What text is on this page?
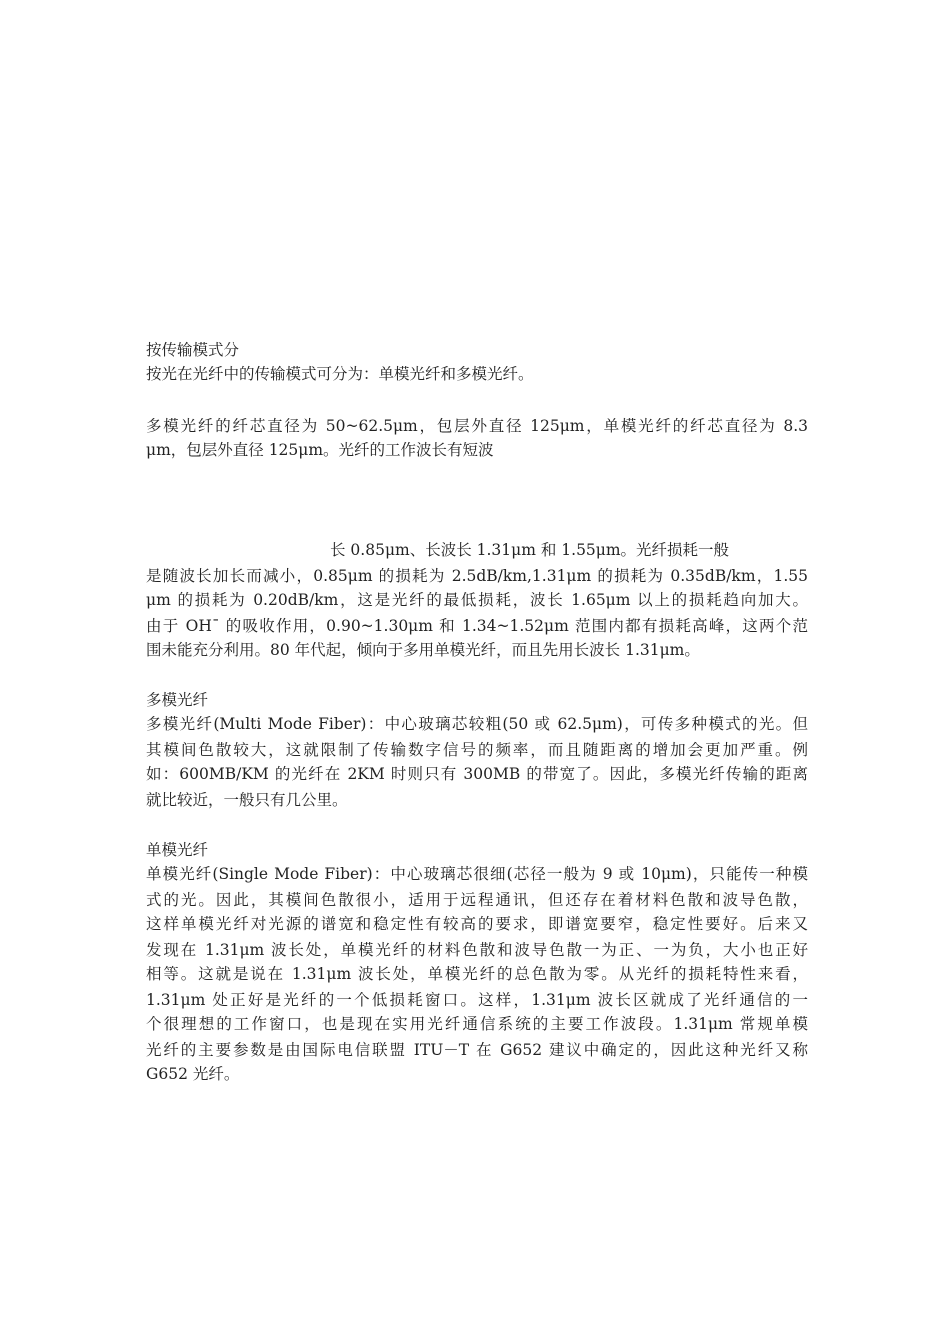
按传输模式分
按光在光纤中的传输模式可分为：单模光纤和多模光纤。
多模光纤的纤芯直径为 50~62.5μm，包层外直径 125μm，单模光纤的纤芯直径为 8.3
μm，包层外直径 125μm。光纤的工作波长有短波
长 0.85μm、长波长 1.31μm 和 1.55μm。光纤损耗一般
是随波长加长而减小，0.85μm 的损耗为 2.5dB/km,1.31μm 的损耗为 0.35dB/km，1.55
μm 的损耗为 0.20dB/km，这是光纤的最低损耗，波长 1.65μm 以上的损耗趋向加大。
由于 OH¯ 的吸收作用，0.90~1.30μm 和 1.34~1.52μm 范围内都有损耗高峰，这两个范
围未能充分利用。80 年代起，倾向于多用单模光纤，而且先用长波长 1.31μm。
多模光纤
多模光纤(Multi Mode Fiber)：中心玻璃芯较粗(50 或 62.5μm)，可传多种模式的光。但
其模间色散较大，这就限制了传输数字信号的频率，而且随距离的增加会更加严重。例
如：600MB/KM 的光纤在 2KM 时则只有 300MB 的带宽了。因此，多模光纤传输的距离
就比较近，一般只有几公里。
单模光纤
单模光纤(Single Mode Fiber)：中心玻璃芯很细(芯径一般为 9 或 10μm)，只能传一种模
式的光。因此，其模间色散很小，适用于远程通讯，但还存在着材料色散和波导色散，
这样单模光纤对光源的谱宽和稳定性有较高的要求，即谱宽要窄，稳定性要好。后来又
发现在 1.31μm 波长处，单模光纤的材料色散和波导色散一为正、一为负，大小也正好
相等。这就是说在 1.31μm 波长处，单模光纤的总色散为零。从光纤的损耗特性来看，
1.31μm 处正好是光纤的一个低损耗窗口。这样，1.31μm 波长区就成了光纤通信的一
个很理想的工作窗口，也是现在实用光纤通信系统的主要工作波段。1.31μm 常规单模
光纤的主要参数是由国际电信联盟 ITU－T 在 G652 建议中确定的，因此这种光纤又称
G652 光纤。
